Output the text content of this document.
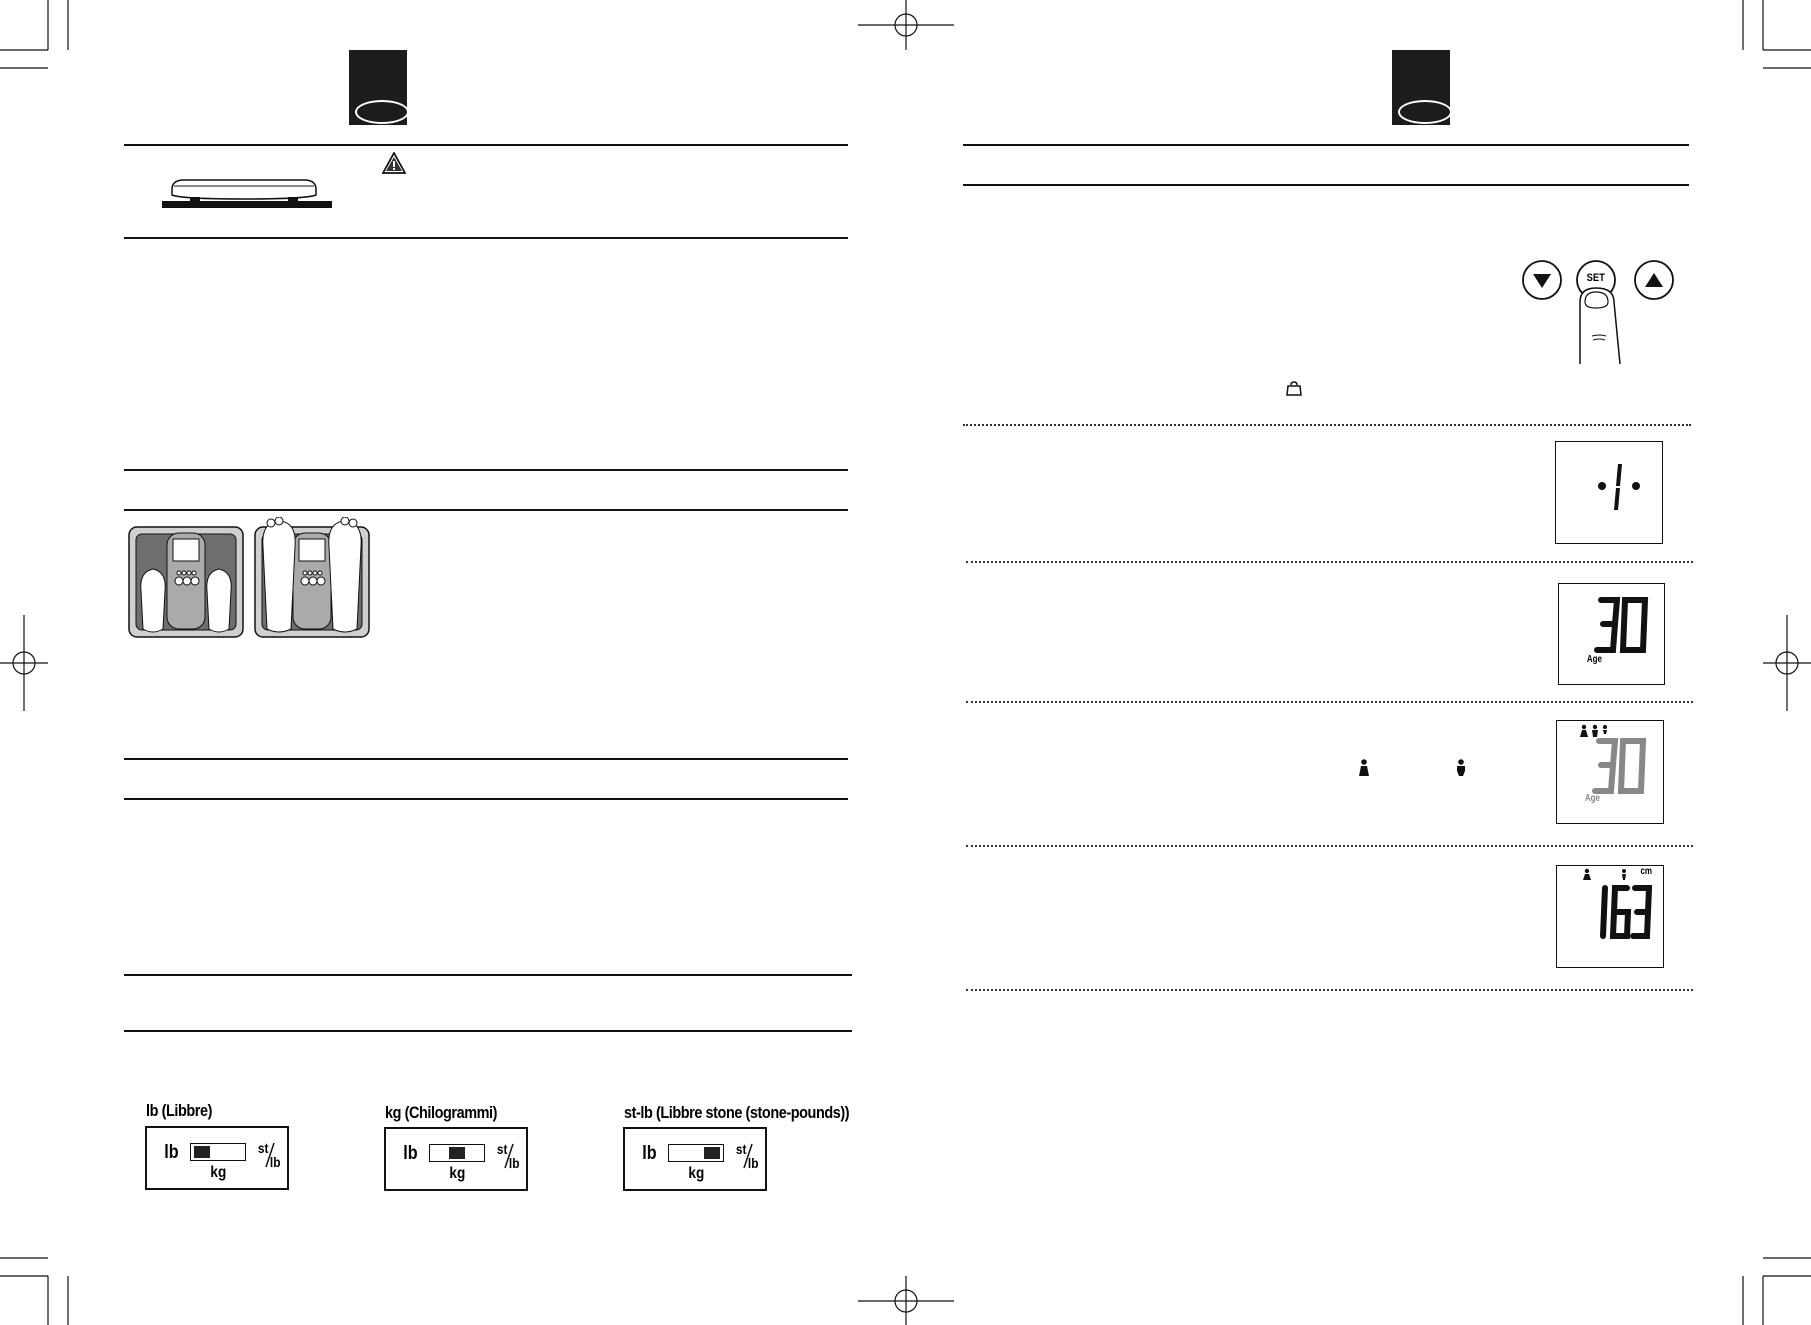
lb (Libbre)
lb
kg
st
lb
kg (Chilogrammi)
lb
kg
st
lb
st-lb (Libbre stone (stone-pounds))
lb
kg
st
lb
SET
Age
Age
cm
